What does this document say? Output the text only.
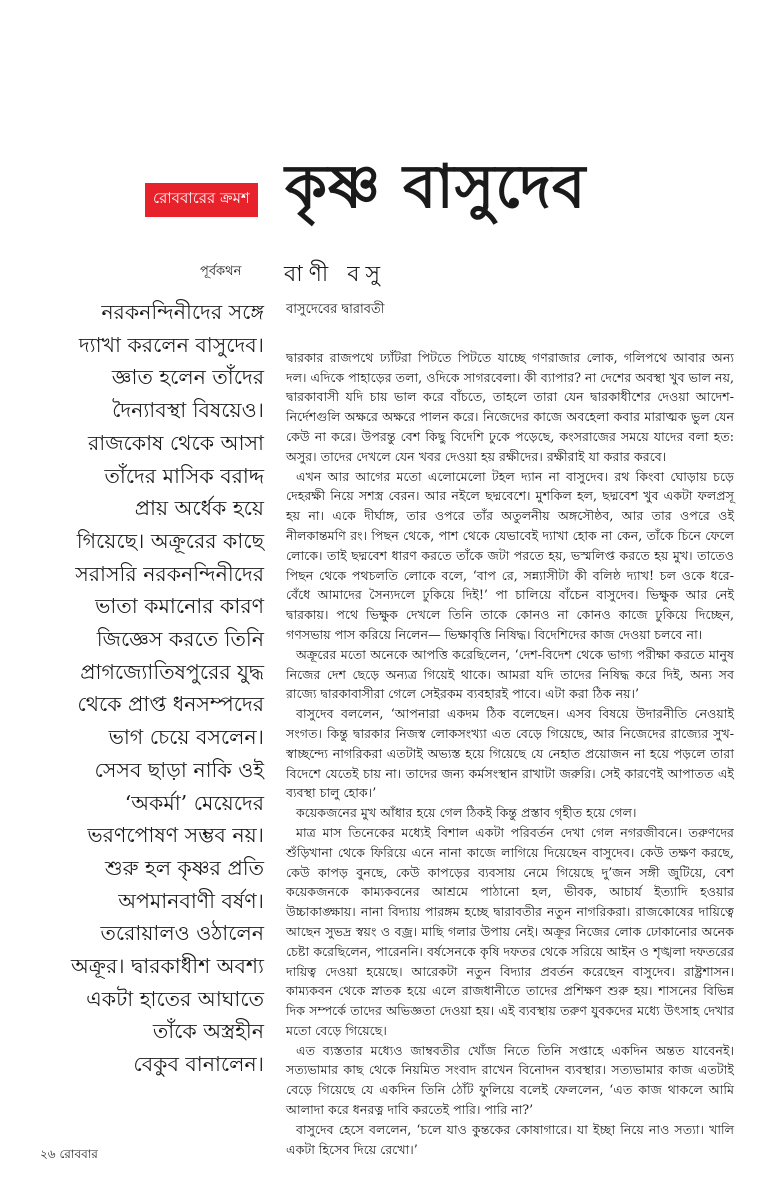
রোববারের ক্রমশ কৃষ্ণ বাসুদেব
পূর্বকথন বাণী বসু
নরকনন্দিনীদের সঙ্গে
দ্যাখা করলেন বাসুদেব।
জ্ঞাত হলেন তাঁদের
দৈন্যাবস্থা বিষয়েও।
রাজকোষ থেকে আসা
তাঁদের মাসিক বরাদ্দ
প্রায় অর্ধেক হয়ে
গিয়েছে। অক্রূরের কাছে
সরাসরি নরকনন্দিনীদের
ভাতা কমানোর কারণ
জিজ্ঞেস করতে তিনি
প্রাগজ্যোতিষপুরের যুদ্ধ
থেকে প্রাপ্ত ধনসম্পদের
ভাগ চেয়ে বসলেন।
সেসব ছাড়া নাকি ওই
‘অকর্মা’ মেয়েদের
ভরণপোষণ সম্ভব নয়।
শুরু হল কৃষ্ণর প্রতি
অপমানবাণী বর্ষণ।
তরোয়ালও ওঠালেন
অক্রূর। দ্বারকাধীশ অবশ্য
একটা হাতের আঘাতে
তাঁকে অস্ত্রহীন
বেকুব বানালেন।
বাসুদেবের দ্বারাবতী

দ্বারকার রাজপথে ঢ্যাঁটরা পিটতে পিটতে যাচ্ছে গণরাজার লোক, গলিপথে আবার অন্য দল। এদিকে পাহাড়ের তলা, ওদিকে সাগরবেলা। কী ব্যাপার? না দেশের অবস্থা খুব ভাল নয়, দ্বারকাবাসী যদি চায় ভাল করে বাঁচতে, তাহলে তারা যেন দ্বারকাধীশের দেওয়া আদেশ-নির্দেশগুলি অক্ষরে অক্ষরে পালন করে। নিজেদের কাজে অবহেলা কবার মারাত্মক ভুল যেন কেউ না করে। উপরন্তু বেশ কিছু বিদেশি ঢুকে পড়েছে, কংসরাজের সময়ে যাদের বলা হত: অসুর। তাদের দেখলে যেন খবর দেওয়া হয় রক্ষীদের। রক্ষীরাই যা করার করবে।

এখন আর আগের মতো এলোমেলো টহল দ্যান না বাসুদেব। রথ কিংবা ঘোড়ায় চড়ে দেহরক্ষী নিয়ে সশস্ত্র বেরন। আর নইলে ছদ্মবেশে। মুশকিল হল, ছদ্মবেশ খুব একটা ফলপ্রসূ হয় না। একে দীর্ঘাঙ্গ, তার ওপরে তাঁর অতুলনীয় অঙ্গসৌষ্ঠব, আর তার ওপরে ওই নীলকান্তমণি রং। পিছন থেকে, পাশ থেকে যেভাবেই দ্যাখা হোক না কেন, তাঁকে চিনে ফেলে লোকে। তাই ছদ্মবেশ ধারণ করতে তাঁকে জটা পরতে হয়, ভস্মলিপ্ত করতে হয় মুখ। তাতেও পিছন থেকে পথচলতি লোকে বলে, ‘বাপ রে, সন্ন্যাসীটা কী বলিষ্ঠ দ্যাখ! চল ওকে ধরে-বেঁধে আমাদের সৈন্যদলে ঢুকিয়ে দিই!’ পা চালিয়ে বাঁচেন বাসুদেব। ভিক্ষুক আর নেই দ্বারকায়। পথে ভিক্ষুক দেখলে তিনি তাকে কোনও না কোনও কাজে ঢুকিয়ে দিচ্ছেন, গণসভায় পাস করিয়ে নিলেন— ভিক্ষাবৃত্তি নিষিদ্ধ। বিদেশিদের কাজ দেওয়া চলবে না।

অক্রূরের মতো অনেকে আপত্তি করেছিলেন, ‘দেশ-বিদেশ থেকে ভাগ্য পরীক্ষা করতে মানুষ নিজের দেশ ছেড়ে অন্যত্র গিয়েই থাকে। আমরা যদি তাদের নিষিদ্ধ করে দিই, অন্য সব রাজ্যে দ্বারকাবাসীরা গেলে সেইরকম ব্যবহারই পাবে। এটা করা ঠিক নয়।’

বাসুদেব বললেন, ‘আপনারা একদম ঠিক বলেছেন। এসব বিষয়ে উদারনীতি নেওয়াই সংগত। কিন্তু দ্বারকার নিজস্ব লোকসংখ্যা এত বেড়ে গিয়েছে, আর নিজেদের রাজ্যের সুখ-স্বাচ্ছন্দ্যে নাগরিকরা এতটাই অভ্যস্ত হয়ে গিয়েছে যে নেহাত প্রয়োজন না হয়ে পড়লে তারা বিদেশে যেতেই চায় না। তাদের জন্য কর্মসংস্থান রাখাটা জরুরি। সেই কারণেই আপাতত এই ব্যবস্থা চালু হোক।’

কয়েকজনের মুখ আঁধার হয়ে গেল ঠিকই কিন্তু প্রস্তাব গৃহীত হয়ে গেল।

মাত্র মাস তিনেকের মধ্যেই বিশাল একটা পরিবর্তন দেখা গেল নগরজীবনে। তরুণদের শুঁড়িখানা থেকে ফিরিয়ে এনে নানা কাজে লাগিয়ে দিয়েছেন বাসুদেব। কেউ তক্ষণ করছে, কেউ কাপড় বুনছে, কেউ কাপড়ের ব্যবসায় নেমে গিয়েছে দু’জন সঙ্গী জুটিয়ে, বেশ কয়েকজনকে কাম্যকবনের আশ্রমে পাঠানো হল, ভীবক, আচার্য ইত্যাদি হওয়ার উচ্চাকাঙ্ক্ষায়। নানা বিদ্যায় পারঙ্গম হচ্ছে দ্বারাবতীর নতুন নাগরিকরা। রাজকোষের দায়িত্বে আছেন সুভদ্র স্বয়ং ও বজ্র। মাছি গলার উপায় নেই। অক্রূর নিজের লোক ঢোকানোর অনেক চেষ্টা করেছিলেন, পারেননি। বর্ষসেনকে কৃষি দফতর থেকে সরিয়ে আইন ও শৃঙ্খলা দফতরের দায়িত্ব দেওয়া হয়েছে। আরেকটা নতুন বিদ্যার প্রবর্তন করেছেন বাসুদেব। রাষ্ট্রশাসন। কাম্যকবন থেকে স্নাতক হয়ে এলে রাজধানীতে তাদের প্রশিক্ষণ শুরু হয়। শাসনের বিভিন্ন দিক সম্পর্কে তাদের অভিজ্ঞতা দেওয়া হয়। এই ব্যবস্থায় তরুণ যুবকদের মধ্যে উৎসাহ দেখার মতো বেড়ে গিয়েছে।

এত ব্যস্ততার মধ্যেও জাম্ববতীর খোঁজ নিতে তিনি সপ্তাহে একদিন অন্তত যাবেনই। সত্যভামার কাছ থেকে নিয়মিত সংবাদ রাখেন বিনোদন ব্যবস্থার। সত্যভামার কাজ এতটাই বেড়ে গিয়েছে যে একদিন তিনি ঠোঁট ফুলিয়ে বলেই ফেললেন, ‘এত কাজ থাকলে আমি আলাদা করে ধনরত্ন দাবি করতেই পারি। পারি না?’

বাসুদেব হেসে বললেন, ‘চলে যাও কুন্তকের কোষাগারে। যা ইচ্ছা নিয়ে নাও সত্যা। খালি একটা হিসেব দিয়ে রেখো।’

২৬ রোববার
